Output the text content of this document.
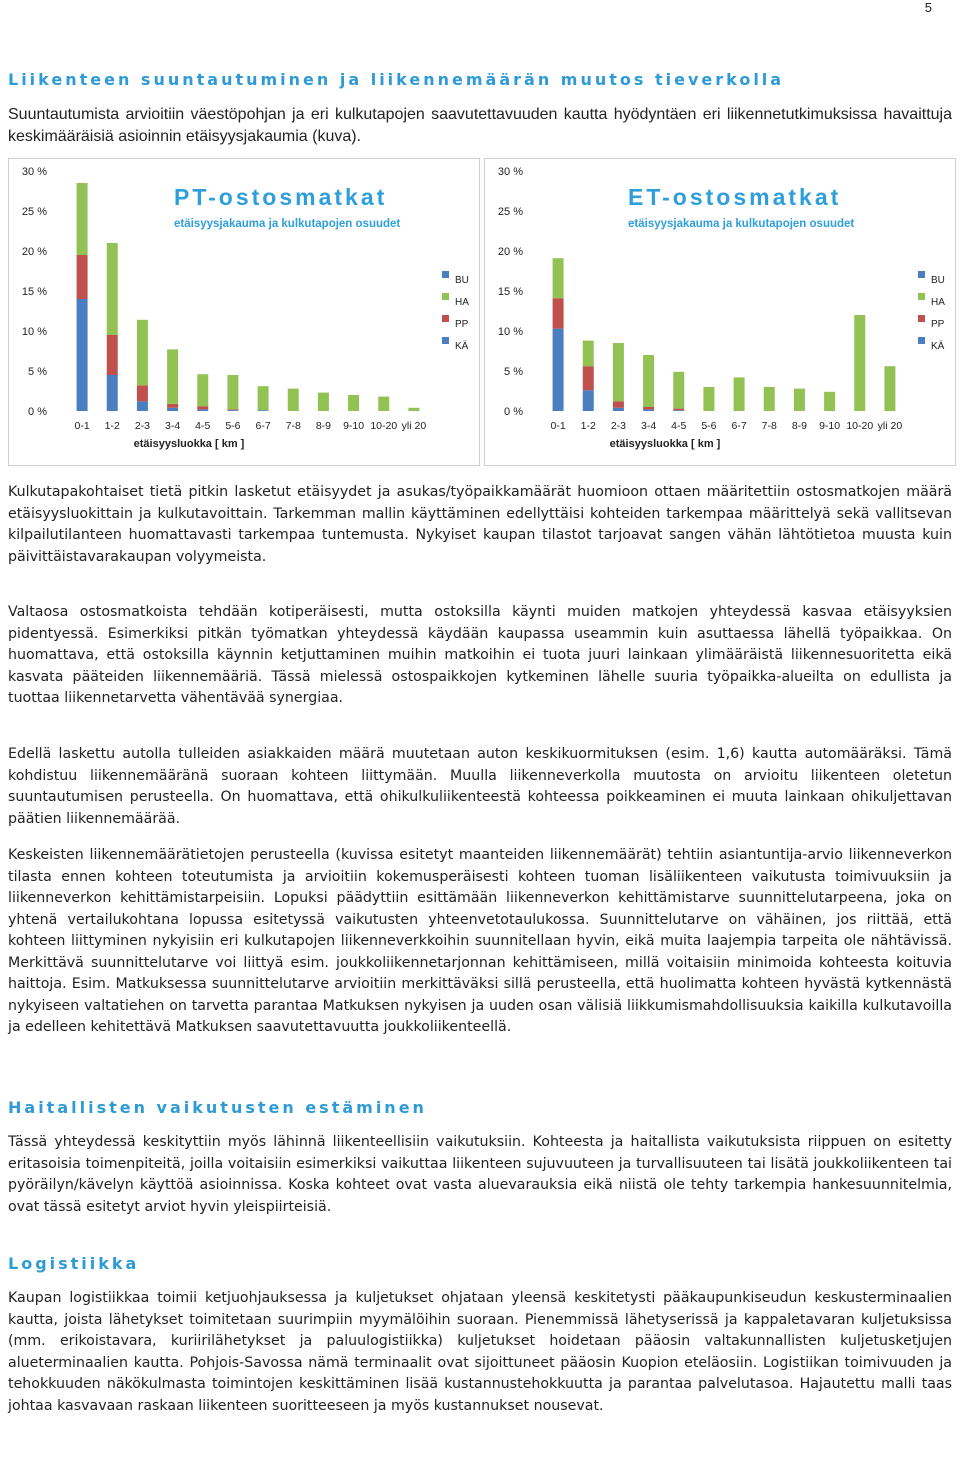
5
Liikenteen suuntautuminen ja liikennemäärän muutos tieverkolla

Suuntautumista arvioitiin väestöpohjan ja eri kulkutapojen saavutettavuuden kautta hyödyntäen eri liikennetutkimuksissa havaittuja keskimääräisiä asioinnin etäisyysjakaumia (kuva).

0 %
5 %
10 %
15 %
20 %
25 %
30 %
PT-ostosmatkat
etäisyysjakauma ja kulkutapojen osuudet
0-1 1-2 2-3 3-4 4-5 5-6 6-7 7-8 8-9 9-10 10-20 yli 20
etäisyysluokka [ km ]
BU
HA
PP
KÄ
0 %
5 %
10 %
15 %
20 %
25 %
30 %
ET-ostosmatkat
etäisyysjakauma ja kulkutapojen osuudet
0-1 1-2 2-3 3-4 4-5 5-6 6-7 7-8 8-9 9-10 10-20 yli 20
etäisyysluokka [ km ]
BU
HA
PP
KÄ

Kulkutapakohtaiset tietä pitkin lasketut etäisyydet ja asukas/työpaikkamäärät huomioon ottaen määritettiin ostosmatkojen määrä etäisyysluokittain ja kulkutavoittain. Tarkemman mallin käyttäminen edellyttäisi kohteiden tarkempaa määrittelyä sekä vallitsevan kilpailutilanteen huomattavasti tarkempaa tuntemusta. Nykyiset kaupan tilastot tarjoavat sangen vähän lähtötietoa muusta kuin päivittäistavarakaupan volyymeista.

Valtaosa ostosmatkoista tehdään kotiperäisesti, mutta ostoksilla käynti muiden matkojen yhteydessä kasvaa etäisyyksien pidentyessä. Esimerkiksi pitkän työmatkan yhteydessä käydään kaupassa useammin kuin asuttaessa lähellä työpaikkaa. On huomattava, että ostoksilla käynnin ketjuttaminen muihin matkoihin ei tuota juuri lainkaan ylimääräistä liikennesuoritetta eikä kasvata pääteiden liikennemääriä. Tässä mielessä ostospaikkojen kytkeminen lähelle suuria työpaikka-alueilta on edullista ja tuottaa liikennetarvetta vähentävää synergiaa.

Edellä laskettu autolla tulleiden asiakkaiden määrä muutetaan auton keskikuormituksen (esim. 1,6) kautta automääräksi. Tämä kohdistuu liikennemääränä suoraan kohteen liittymään. Muulla liikenneverkolla muutosta on arvioitu liikenteen oletetun suuntautumisen perusteella. On huomattava, että ohikulkuliikenteestä kohteessa poikkeaminen ei muuta lainkaan ohikuljettavan päätien liikennemäärää.

Keskeisten liikennemäärätietojen perusteella (kuvissa esitetyt maanteiden liikennemäärät) tehtiin asiantuntija-arvio liikenneverkon tilasta ennen kohteen toteutumista ja arvioitiin kokemusperäisesti kohteen tuoman lisäliikenteen vaikutusta toimivuuksiin ja liikenneverkon kehittämistarpeisiin. Lopuksi päädyttiin esittämään liikenneverkon kehittämistarve suunnittelutarpeena, joka on yhtenä vertailukohtana lopussa esitetyssä vaikutusten yhteenvetotaulukossa. Suunnittelutarve on vähäinen, jos riittää, että kohteen liittyminen nykyisiin eri kulkutapojen liikenneverkkoihin suunnitellaan hyvin, eikä muita laajempia tarpeita ole nähtävissä. Merkittävä suunnittelutarve voi liittyä esim. joukkoliikennetarjonnan kehittämiseen, millä voitaisiin minimoida kohteesta koituvia haittoja. Esim. Matkuksessa suunnittelutarve arvioitiin merkittäväksi sillä perusteella, että huolimatta kohteen hyvästä kytkennästä nykyiseen valtatiehen on tarvetta parantaa Matkuksen nykyisen ja uuden osan välisiä liikkumismahdollisuuksia kaikilla kulkutavoilla ja edelleen kehitettävä Matkuksen saavutettavuutta joukkoliikenteellä.

Haitallisten vaikutusten estäminen

Tässä yhteydessä keskityttiin myös lähinnä liikenteellisiin vaikutuksiin. Kohteesta ja haitallista vaikutuksista riippuen on esitetty eritasoisia toimenpiteitä, joilla voitaisiin esimerkiksi vaikuttaa liikenteen sujuvuuteen ja turvallisuuteen tai lisätä joukkoliikenteen tai pyöräilyn/kävelyn käyttöä asioinnissa. Koska kohteet ovat vasta aluevarauksia eikä niistä ole tehty tarkempia hankesuunnitelmia, ovat tässä esitetyt arviot hyvin yleispiirteisiä.

Logistiikka

Kaupan logistiikkaa toimii ketjuohjauksessa ja kuljetukset ohjataan yleensä keskitetysti pääkaupunkiseudun keskusterminaalien kautta, joista lähetykset toimitetaan suurimpiin myymälöihin suoraan. Pienemmissä lähetyserissä ja kappaletavaran kuljetuksissa (mm. erikoistavara, kuriirilähetykset ja paluulogistiikka) kuljetukset hoidetaan pääosin valtakunnallisten kuljetusketjujen alueterminaalien kautta. Pohjois-Savossa nämä terminaalit ovat sijoittuneet pääosin Kuopion eteläosiin. Logistiikan toimivuuden ja tehokkuuden näkökulmasta toimintojen keskittäminen lisää kustannustehokkuutta ja parantaa palvelutasoa. Hajautettu malli taas johtaa kasvavaan raskaan liikenteen suoritteeseen ja myös kustannukset nousevat.
